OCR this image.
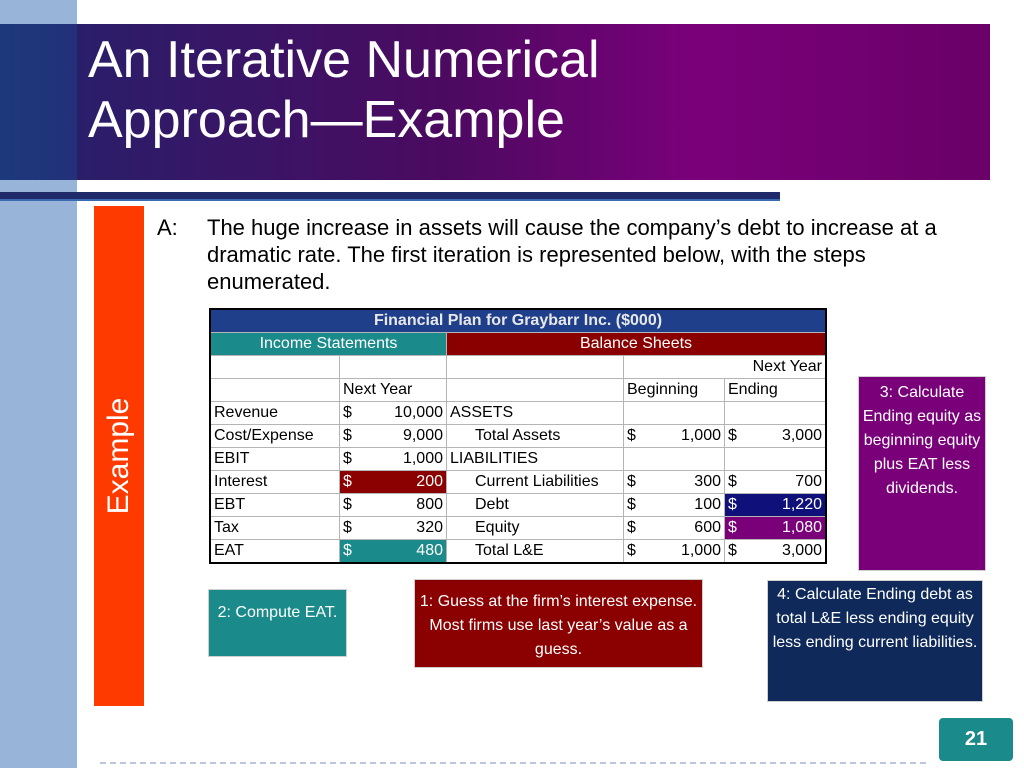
An Iterative Numerical
Approach—Example
Example
A: The huge increase in assets will cause the company’s debt to increase at a dramatic rate. The first iteration is represented below, with the steps enumerated.
Financial Plan for Graybarr Inc. ($000)				
Income Statements		Balance Sheets		
			Next Year	
	Next Year		Beginning	Ending
Revenue	$ 10,000	ASSETS		
Cost/Expense	$ 9,000	Total Assets	$ 1,000	$ 3,000

EBIT	$ 1,000	LIABILITIES		
Interest	$ 200	Current Liabilities	$ 300	$ 700

EBT	$ 800	Debt	$ 100	$ 1,220

Tax	$ 320	Equity	$ 600	$ 1,080

EAT	$ 480	Total L&E	$ 1,000	$ 3,000
3: Calculate Ending equity as beginning equity plus EAT less dividends.
2: Compute EAT.
1: Guess at the firm’s interest expense. Most firms use last year’s value as a guess.
4: Calculate Ending debt as total L&E less ending equity less ending current liabilities.
21
